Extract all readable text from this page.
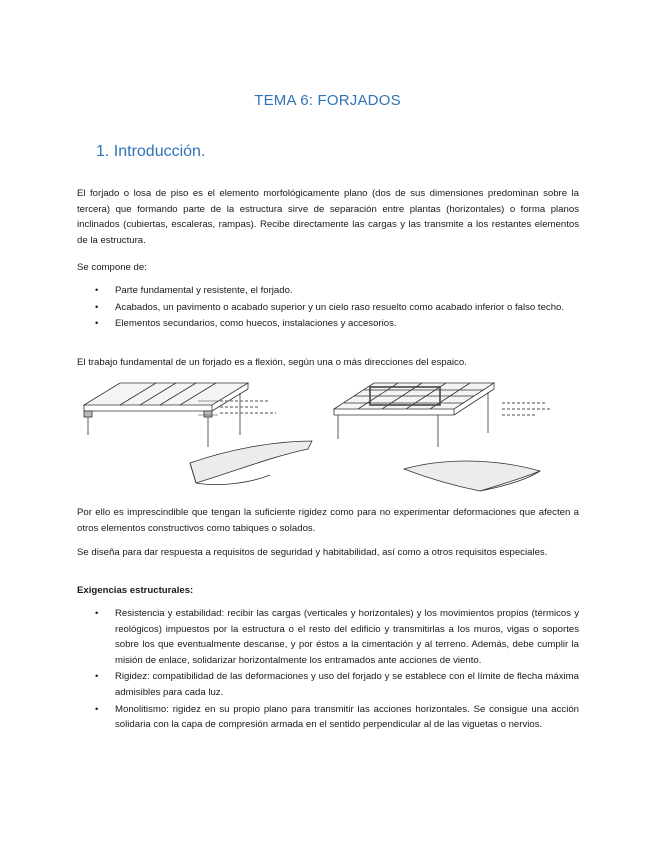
TEMA 6: FORJADOS
1. Introducción.
El forjado o losa de piso es el elemento morfológicamente plano (dos de sus dimensiones predominan sobre la tercera) que formando parte de la estructura sirve de separación entre plantas (horizontales) o forma planos inclinados (cubiertas, escaleras, rampas). Recibe directamente las cargas y las transmite a los restantes elementos de la estructura.
Se compone de:
• Parte fundamental y resistente, el forjado.
• Acabados, un pavimento o acabado superior y un cielo raso resuelto como acabado inferior o falso techo.
• Elementos secundarios, como huecos, instalaciones y accesorios.
El trabajo fundamental de un forjado es a flexión, según una o más direcciones del espaico.
Por ello es imprescindible que tengan la suficiente rigidez como para no experimentar deformaciones que afecten a otros elementos constructivos como tabiques o solados.
Se diseña para dar respuesta a requisitos de seguridad y habitabilidad, así como a otros requisitos especiales.
Exigencias estructurales:
• Resistencia y estabilidad: recibir las cargas (verticales y horizontales) y los movimientos propios (térmicos y reológicos) impuestos por la estructura o el resto del edificio y transmitirlas a los muros, vigas o soportes sobre los que eventualmente descanse, y por éstos a la cimentación y al terreno. Además, debe cumplir la misión de enlace, solidarizar horizontalmente los entramados ante acciones de viento.
• Rigidez: compatibilidad de las deformaciones y uso del forjado y se establece con el límite de flecha máxima admisibles para cada luz.
• Monolitismo: rigidez en su propio plano para transmitir las acciones horizontales. Se consigue una acción solidaria con la capa de compresión armada en el sentido perpendicular al de las viguetas o nervios.
